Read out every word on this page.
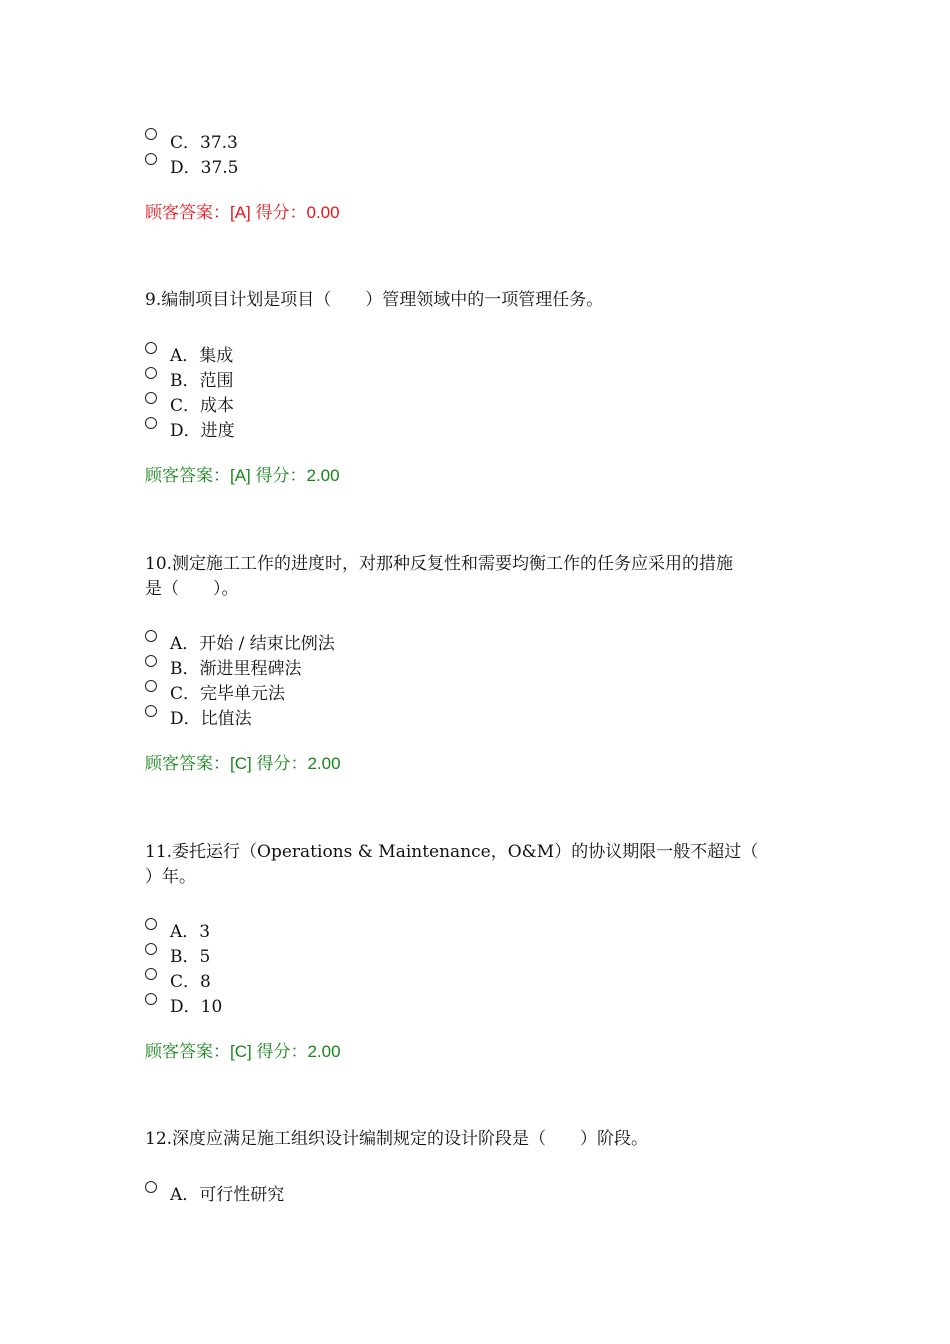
C．37.3
D．37.5
顾客答案：[A] 得分：0.00
9.编制项目计划是项目（　　）管理领域中的一项管理任务。
A．集成
B．范围
C．成本
D．进度
顾客答案：[A] 得分：2.00
10.测定施工工作的进度时，对那种反复性和需要均衡工作的任务应采用的措施
是（　　）。
A．开始 / 结束比例法
B．渐进里程碑法
C．完毕单元法
D．比值法
顾客答案：[C] 得分：2.00
11.委托运行（Operations & Maintenance，O&M）的协议期限一般不超过（
）年。
A．3
B．5
C．8
D．10
顾客答案：[C] 得分：2.00
12.深度应满足施工组织设计编制规定的设计阶段是（　　）阶段。
A．可行性研究
